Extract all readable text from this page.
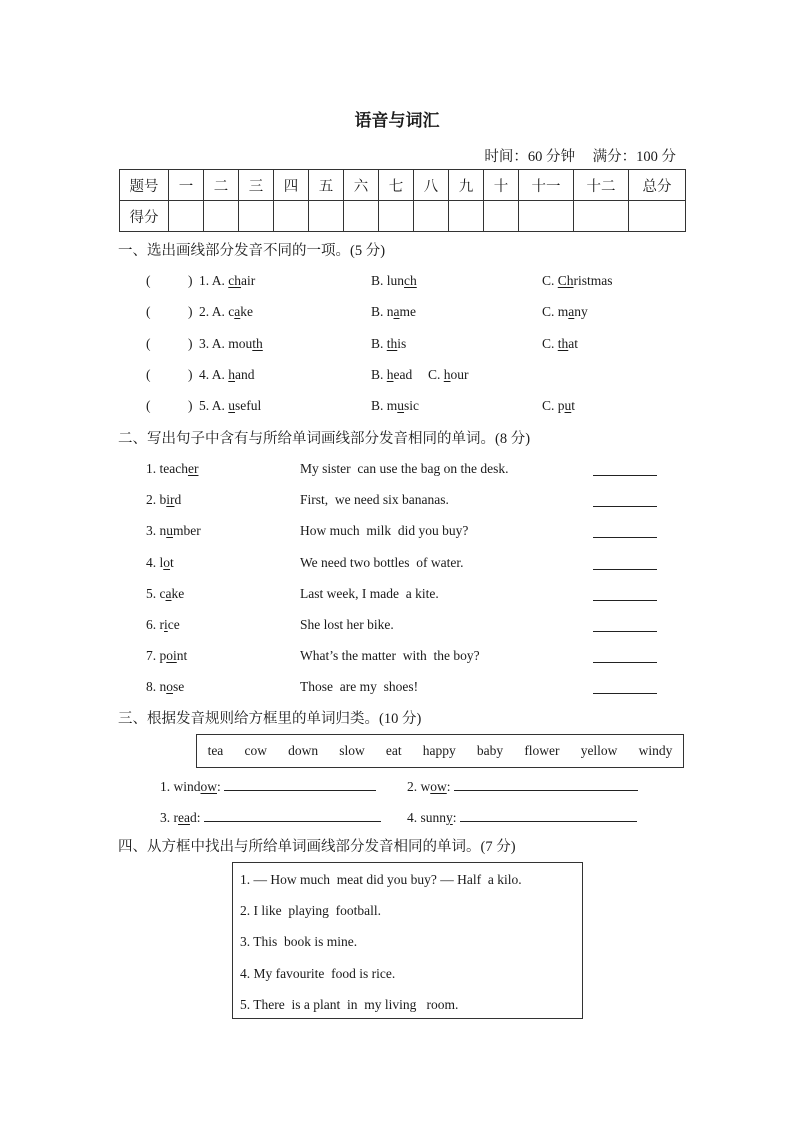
语音与词汇
时间：60 分钟 满分：100 分
题号	一	二	三	四	五	六	七	八	九	十	十一	十二	总分
得分													
一、选出画线部分发音不同的一项。(5 分)
(	) 1. A. chair	B. lunch	C. Christmas
(	) 2. A. cake	B. name	C. many
(	) 3. A. mouth	B. this	C. that
(	) 4. A. hand	B. head C. hour
(	) 5. A. useful	B. music	C. put
二、写出句子中含有与所给单词画线部分发音相同的单词。(8 分)
1. teacher	My sister  can use the bag on the desk.
2. bird	First,  we need six bananas.
3. number	How much  milk  did you buy?
4. lot	We need two bottles  of water.
5. cake	Last week, I made  a kite.
6. rice	She lost her bike.
7. point	What’s the matter  with  the boy?
8. nose	Those  are my  shoes!
三、根据发音规则给方框里的单词归类。(10 分)
tea cow down slow eat happy baby flower yellow windy
1. window:	2. wow:
3. read:	4. sunny:
四、从方框中找出与所给单词画线部分发音相同的单词。(7 分)
1. — How much  meat did you buy? — Half  a kilo.
2. I like  playing  football.
3. This  book is mine.
4. My favourite  food is rice.
5. There  is a plant  in  my living   room.
